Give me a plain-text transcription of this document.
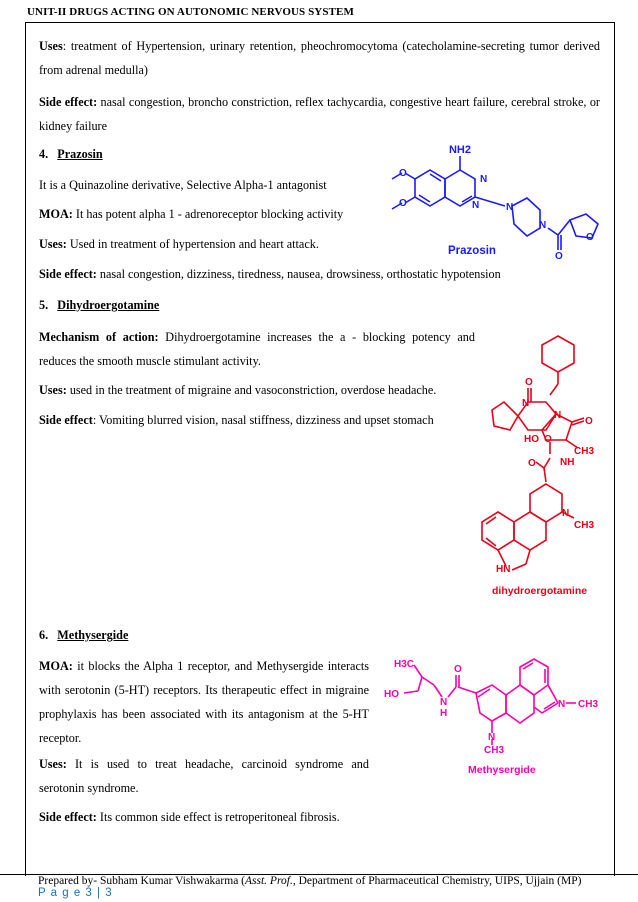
UNIT-II DRUGS ACTING ON AUTONOMIC NERVOUS SYSTEM
Uses: treatment of Hypertension, urinary retention, pheochromocytoma (catecholamine-secreting tumor derived from adrenal medulla)
Side effect: nasal congestion, broncho constriction, reflex tachycardia, congestive heart failure, cerebral stroke, or kidney failure
4. Prazosin
It is a Quinazoline derivative, Selective Alpha-1 antagonist
MOA: It has potent alpha 1 - adrenoreceptor blocking activity
Uses: Used in treatment of hypertension and heart attack.
Side effect: nasal congestion, dizziness, tiredness, nausea, drowsiness, orthostatic hypotension
NH2
N
N	N
N
O
O
O
O
Prazosin
5. Dihydroergotamine
Mechanism of action: Dihydroergotamine increases the a - blocking potency and reduces the smooth muscle stimulant activity.
Uses: used in the treatment of migraine and vasoconstriction, overdose headache.
Side effect: Vomiting blurred vision, nasal stiffness, dizziness and upset stomach
O
N
N
O
HO O
CH3
NH
O
N
CH3
HN
dihydroergotamine
6. Methysergide
MOA: it blocks the Alpha 1 receptor, and Methysergide interacts with serotonin (5-HT) receptors. Its therapeutic effect in migraine prophylaxis has been associated with its antagonism at the 5-HT receptor.
Uses: It is used to treat headache, carcinoid syndrome and serotonin syndrome.
Side effect: Its common side effect is retroperitoneal fibrosis.
H3C	O
HO
N
H
N
CH3
N CH3
Methysergide
Prepared by- Subham Kumar Vishwakarma (Asst. Prof., Department of Pharmaceutical Chemistry, UIPS, Ujjain (MP)
P a g e 3 | 3
